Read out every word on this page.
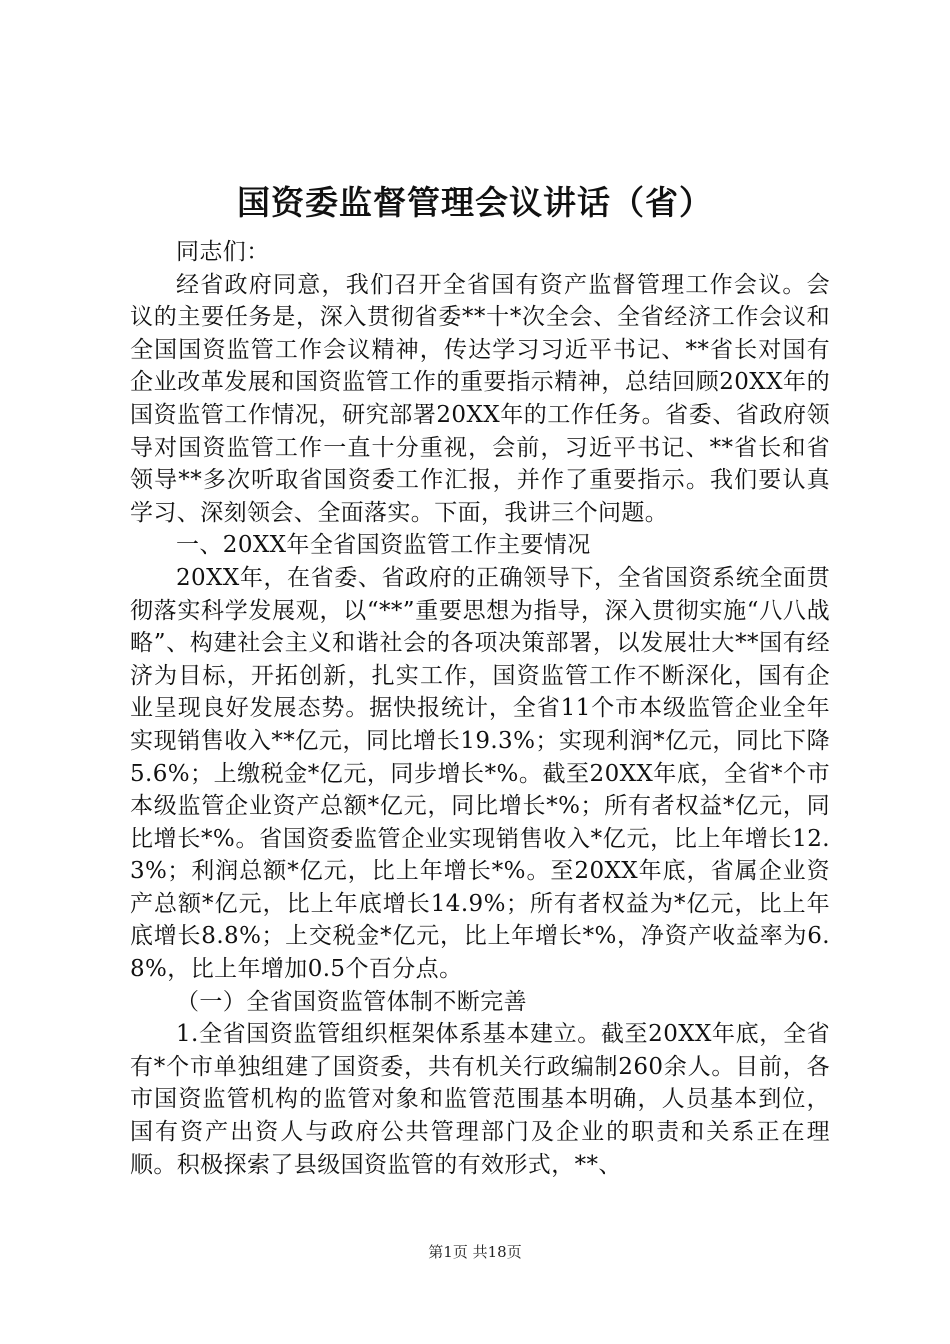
国资委监督管理会议讲话（省）

同志们：

经省政府同意，我们召开全省国有资产监督管理工作会议。会议的主要任务是，深入贯彻省委**十*次全会、全省经济工作会议和全国国资监管工作会议精神，传达学习习近平书记、**省长对国有企业改革发展和国资监管工作的重要指示精神，总结回顾20XX年的国资监管工作情况，研究部署20XX年的工作任务。省委、省政府领导对国资监管工作一直十分重视，会前，习近平书记、**省长和省领导**多次听取省国资委工作汇报，并作了重要指示。我们要认真学习、深刻领会、全面落实。下面，我讲三个问题。

一、20XX年全省国资监管工作主要情况

20XX年，在省委、省政府的正确领导下，全省国资系统全面贯彻落实科学发展观，以“**”重要思想为指导，深入贯彻实施“八八战略”、构建社会主义和谐社会的各项决策部署，以发展壮大**国有经济为目标，开拓创新，扎实工作，国资监管工作不断深化，国有企业呈现良好发展态势。据快报统计，全省11个市本级监管企业全年实现销售收入**亿元，同比增长19.3%；实现利润*亿元，同比下降5.6%；上缴税金*亿元，同步增长*%。截至20XX年底，全省*个市本级监管企业资产总额*亿元，同比增长*%；所有者权益*亿元，同比增长*%。省国资委监管企业实现销售收入*亿元，比上年增长12.3%；利润总额*亿元，比上年增长*%。至20XX年底，省属企业资产总额*亿元，比上年底增长14.9%；所有者权益为*亿元，比上年底增长8.8%；上交税金*亿元，比上年增长*%，净资产收益率为6.8%，比上年增加0.5个百分点。

（一）全省国资监管体制不断完善

1.全省国资监管组织框架体系基本建立。截至20XX年底，全省有*个市单独组建了国资委，共有机关行政编制260余人。目前，各市国资监管机构的监管对象和监管范围基本明确，人员基本到位，国有资产出资人与政府公共管理部门及企业的职责和关系正在理顺。积极探索了县级国资监管的有效形式，**、

第1页 共18页
